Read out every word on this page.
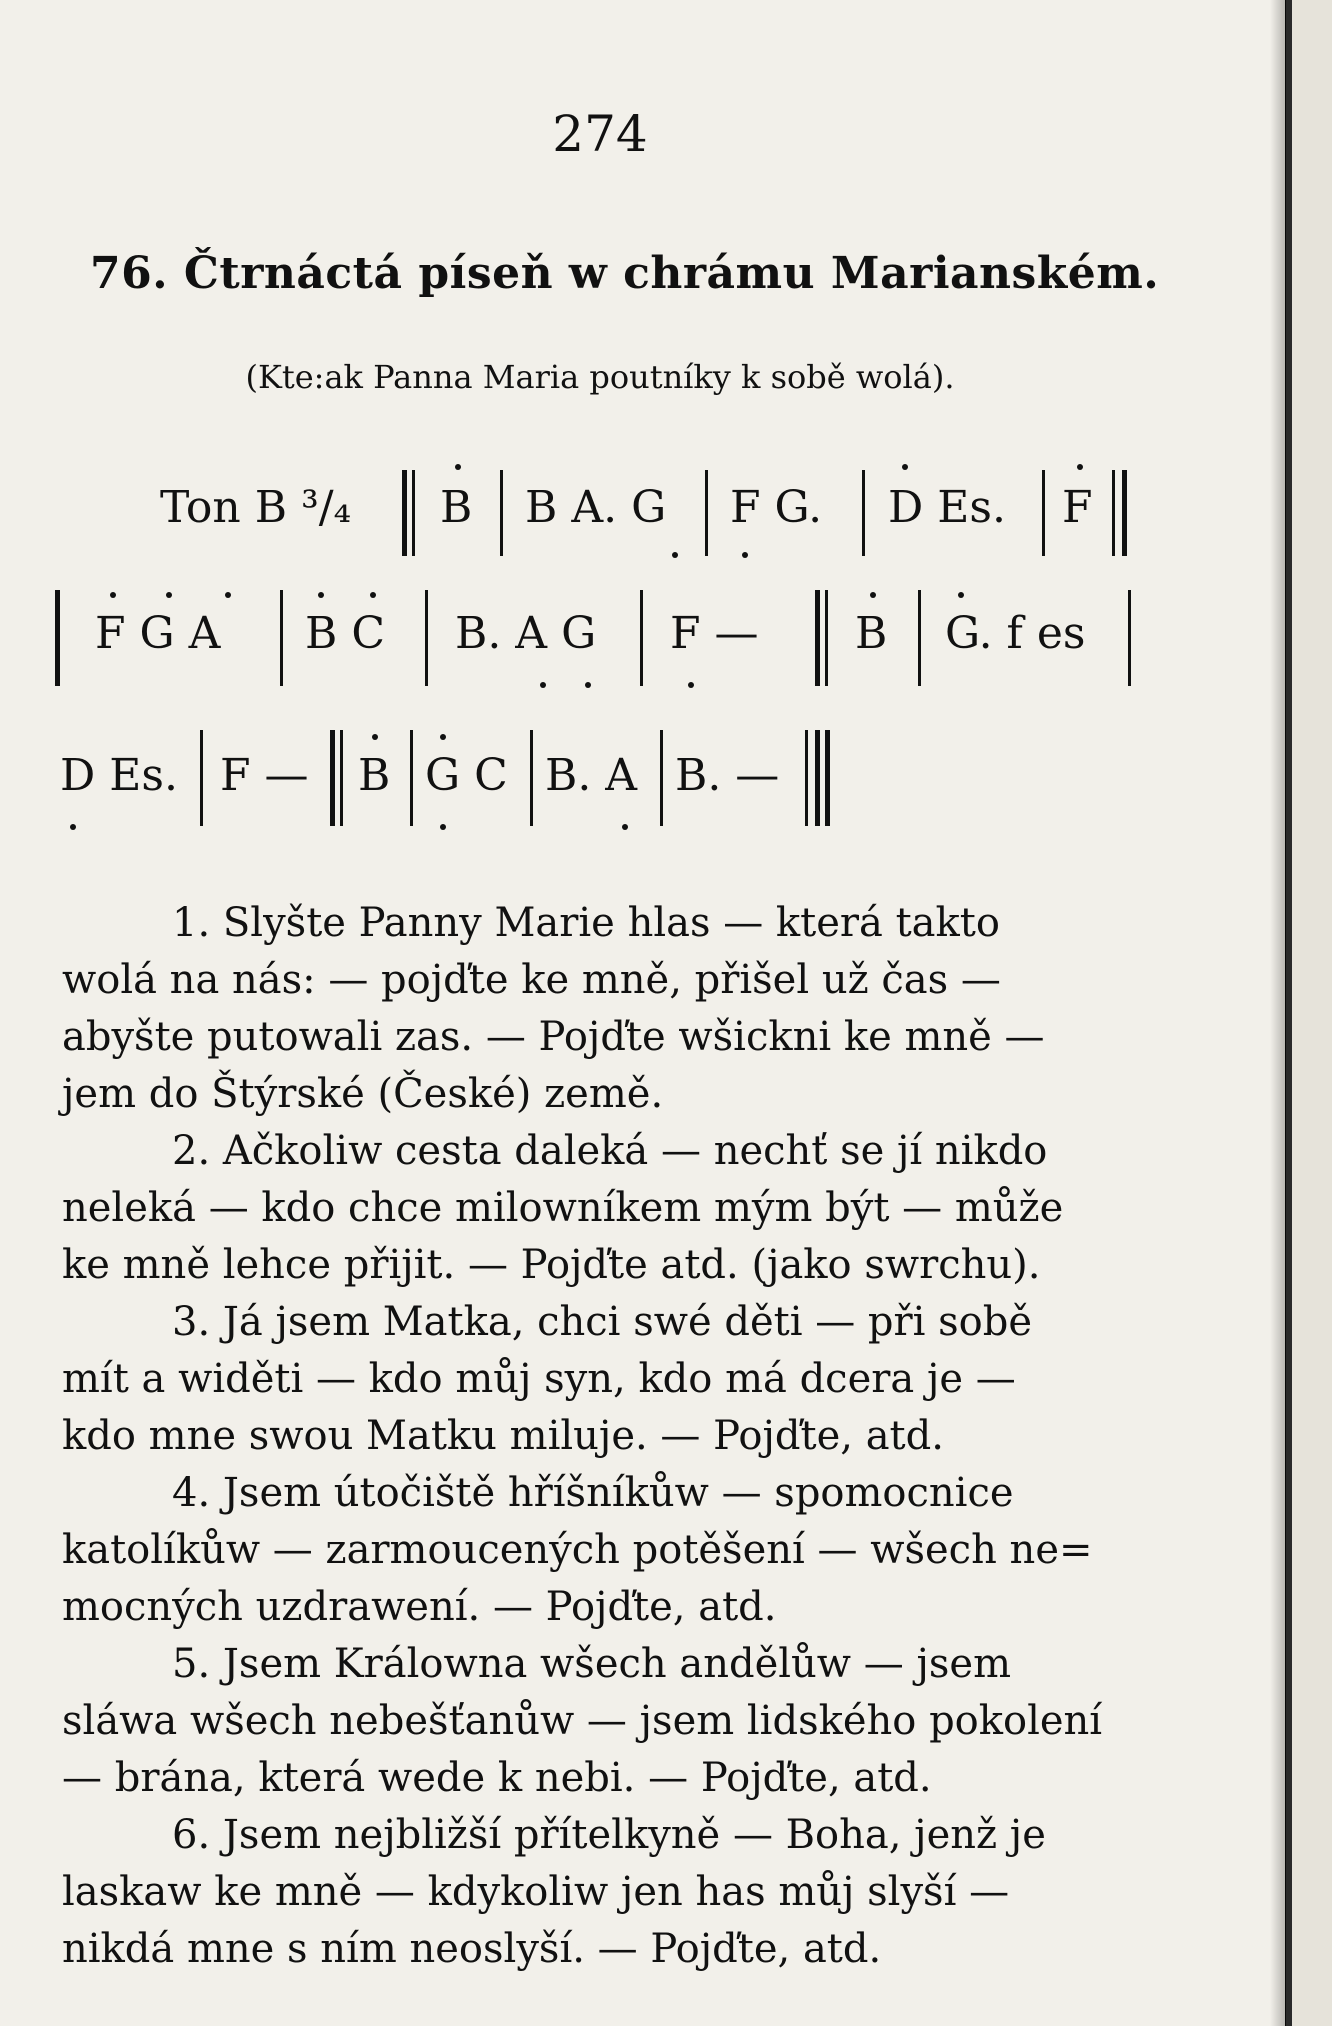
274
76. Čtrnáctá píseň w chrámu Marianském.
(Kte:ak Panna Maria poutníky k sobě wolá).
Ton B ³/₄ B B A. G F G. D Es. F
F G A B C B. A G F — B G. f es
D Es. F — B G C B. A B. —
1. Slyšte Panny Marie hlas — která takto
wolá na nás: — pojďte ke mně, přišel už čas —
abyšte putowali zas. — Pojďte wšickni ke mně —
jem do Štýrské (České) země.
2. Ačkoliw cesta daleká — nechť se jí nikdo
neleká — kdo chce milowníkem mým být — může
ke mně lehce přijit. — Pojďte atd. (jako swrchu).
3. Já jsem Matka, chci swé děti — při sobě
mít a widěti — kdo můj syn, kdo má dcera je —
kdo mne swou Matku miluje. — Pojďte, atd.
4. Jsem útočiště hříšníkůw — spomocnice
katolíkůw — zarmoucených potěšení — wšech ne=
mocných uzdrawení. — Pojďte, atd.
5. Jsem Králowna wšech andělůw — jsem
sláwa wšech nebešťanůw — jsem lidského pokolení
— brána, která wede k nebi. — Pojďte, atd.
6. Jsem nejbližší přítelkyně — Boha, jenž je
laskaw ke mně — kdykoliw jen has můj slyší —
nikdá mne s ním neoslyší. — Pojďte, atd.
